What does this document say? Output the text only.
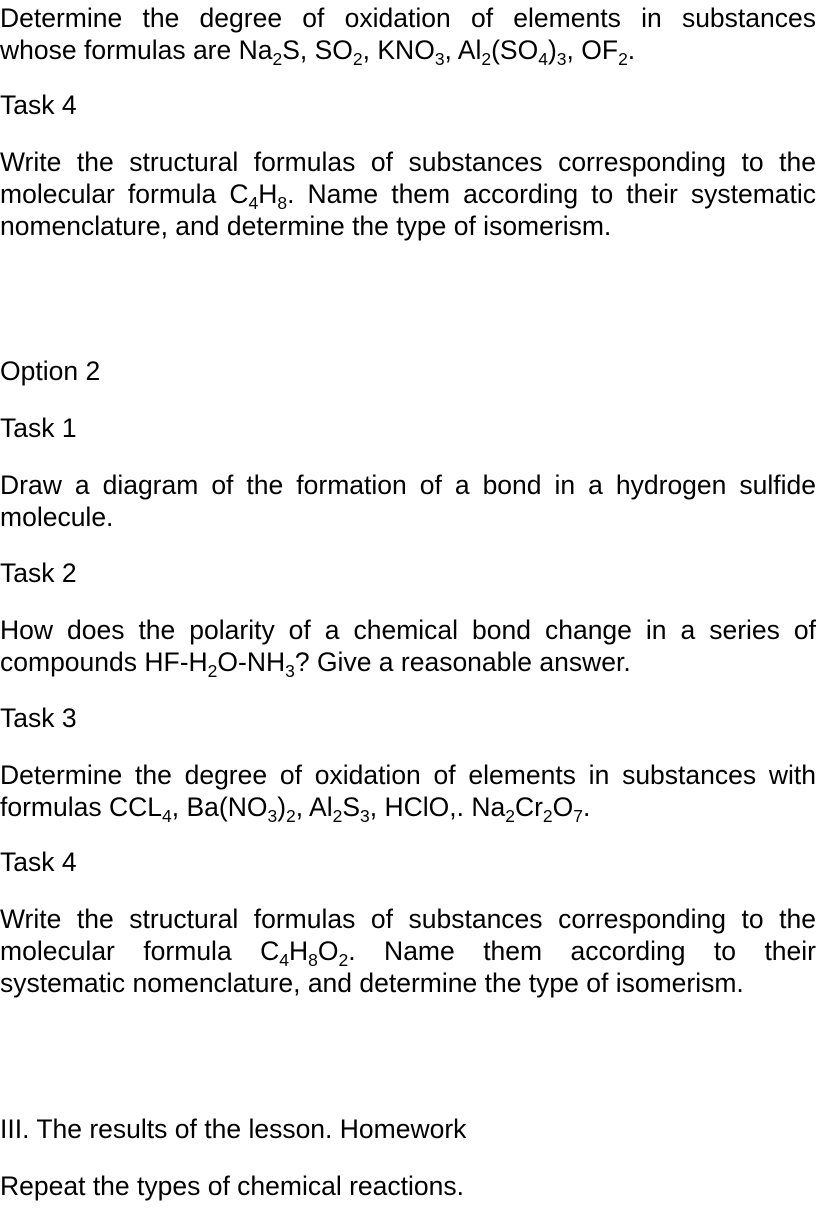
Determine the degree of oxidation of elements in substances
whose formulas are $Na_2S$, $SO_2$, $KNO_3$, $Al_2(SO_4)_3$, $OF_2$.

Task 4

Write the structural formulas of substances corresponding to the
molecular formula $C_4H_8$. Name them according to their systematic
nomenclature, and determine the type of isomerism.

Option 2

Task 1

Draw a diagram of the formation of a bond in a hydrogen sulfide
molecule.

Task 2

How does the polarity of a chemical bond change in a series of
compounds $HF-H_2O-NH_3$? Give a reasonable answer.

Task 3

Determine the degree of oxidation of elements in substances with
formulas $CCL_4$, $Ba(NO_3)_2$, $Al_2S_3$, HClO,. $Na_2Cr_2O_7$.

Task 4

Write the structural formulas of substances corresponding to the
molecular formula $C_4H_8O_2$. Name them according to their
systematic nomenclature, and determine the type of isomerism.

III. The results of the lesson. Homework

Repeat the types of chemical reactions.
